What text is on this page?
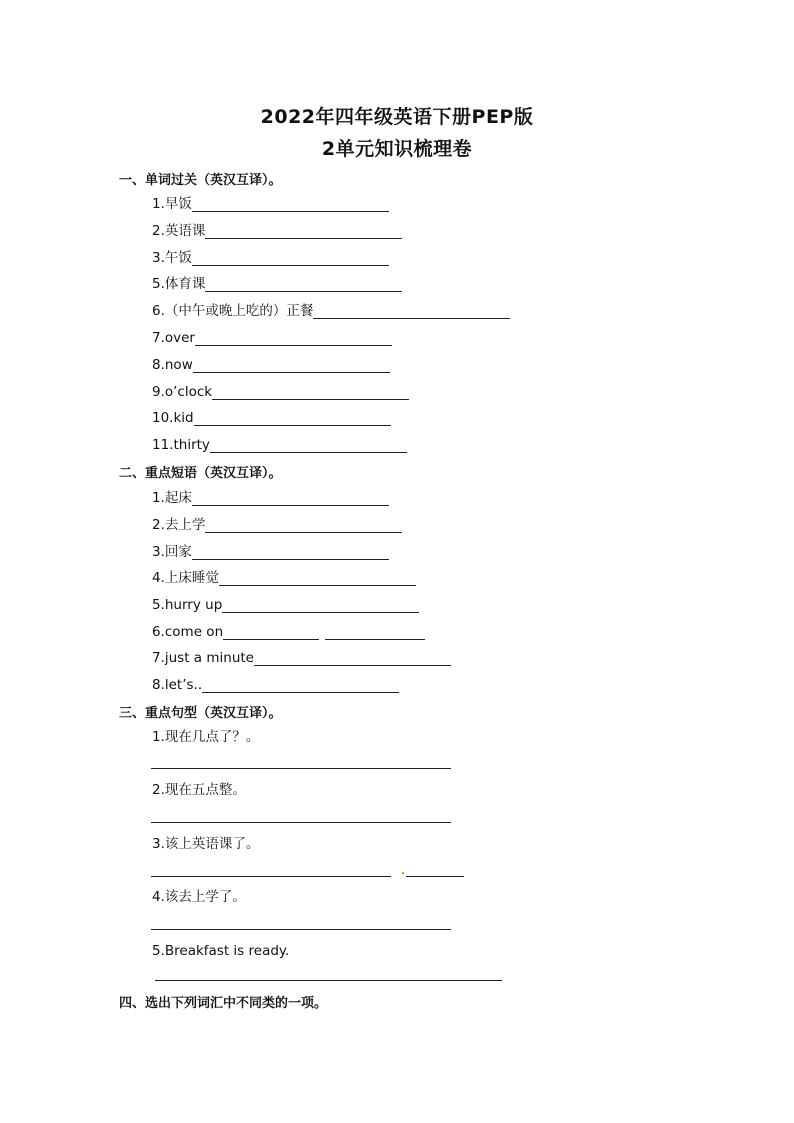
2022年四年级英语下册PEP版
2单元知识梳理卷
一、单词过关（英汉互译）。
1.早饭
2.英语课
3.午饭
5.体育课
6.（中午或晚上吃的）正餐
7.over
8.now
9.o’clock
10.kid
11.thirty
二、重点短语（英汉互译）。
1.起床
2.去上学
3.回家
4.上床睡觉
5.hurry up
6.come on
7.just a minute
8.let’s..
三、重点句型（英汉互译）。
1.现在几点了？。
2.现在五点整。
3.该上英语课了。
4.该去上学了。
5.Breakfast is ready.
四、选出下列词汇中不同类的一项。
